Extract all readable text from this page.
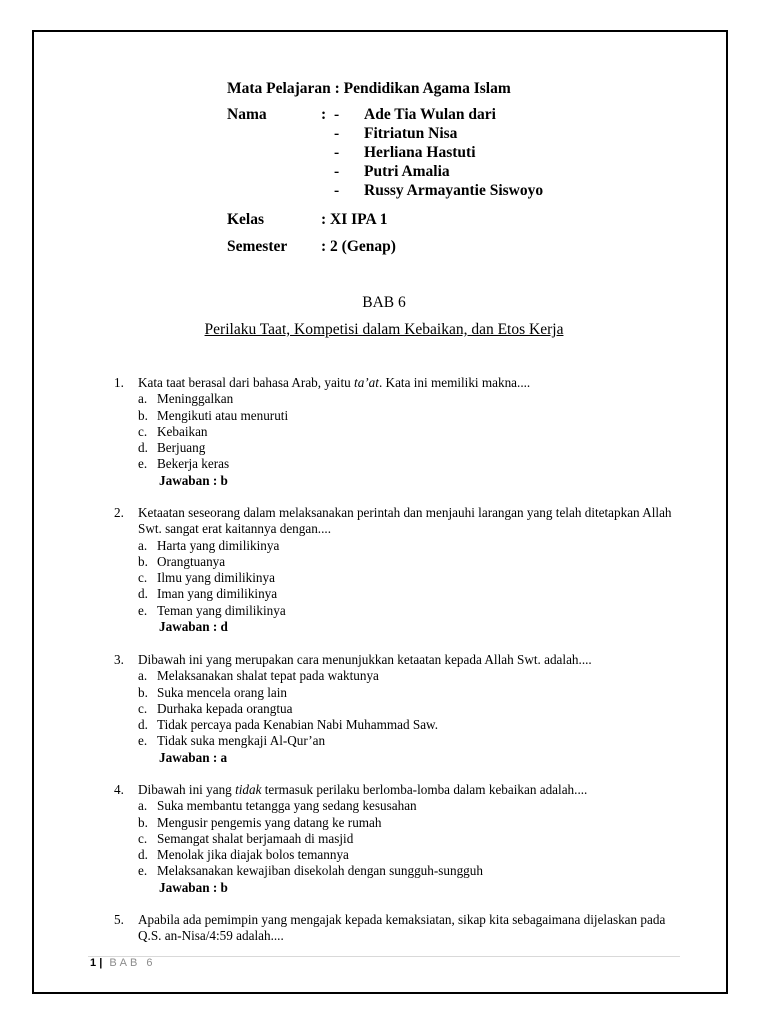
Mata Pelajaran : Pendidikan Agama Islam
Nama	: - Ade Tia Wulan dari
- Fitriatun Nisa
- Herliana Hastuti
- Putri Amalia
- Russy Armayantie Siswoyo
Kelas	: XI IPA 1
Semester : 2 (Genap)
BAB 6
Perilaku Taat, Kompetisi dalam Kebaikan, dan Etos Kerja
1. Kata taat berasal dari bahasa Arab, yaitu ta’at. Kata ini memiliki makna....
a. Meninggalkan
b. Mengikuti atau menuruti
c. Kebaikan
d. Berjuang
e. Bekerja keras
Jawaban : b
2. Ketaatan seseorang dalam melaksanakan perintah dan menjauhi larangan yang telah ditetapkan Allah Swt. sangat erat kaitannya dengan....
a. Harta yang dimilikinya
b. Orangtuanya
c. Ilmu yang dimilikinya
d. Iman yang dimilikinya
e. Teman yang dimilikinya
Jawaban : d
3. Dibawah ini yang merupakan cara menunjukkan ketaatan kepada Allah Swt. adalah....
a. Melaksanakan shalat tepat pada waktunya
b. Suka mencela orang lain
c. Durhaka kepada orangtua
d. Tidak percaya pada Kenabian Nabi Muhammad Saw.
e. Tidak suka mengkaji Al-Qur’an
Jawaban : a
4. Dibawah ini yang tidak termasuk perilaku berlomba-lomba dalam kebaikan adalah....
a. Suka membantu tetangga yang sedang kesusahan
b. Mengusir pengemis yang datang ke rumah
c. Semangat shalat berjamaah di masjid
d. Menolak jika diajak bolos temannya
e. Melaksanakan kewajiban disekolah dengan sungguh-sungguh
Jawaban : b
5. Apabila ada pemimpin yang mengajak kepada kemaksiatan, sikap kita sebagaimana dijelaskan pada Q.S. an-Nisa/4:59 adalah....
1 | BAB 6
